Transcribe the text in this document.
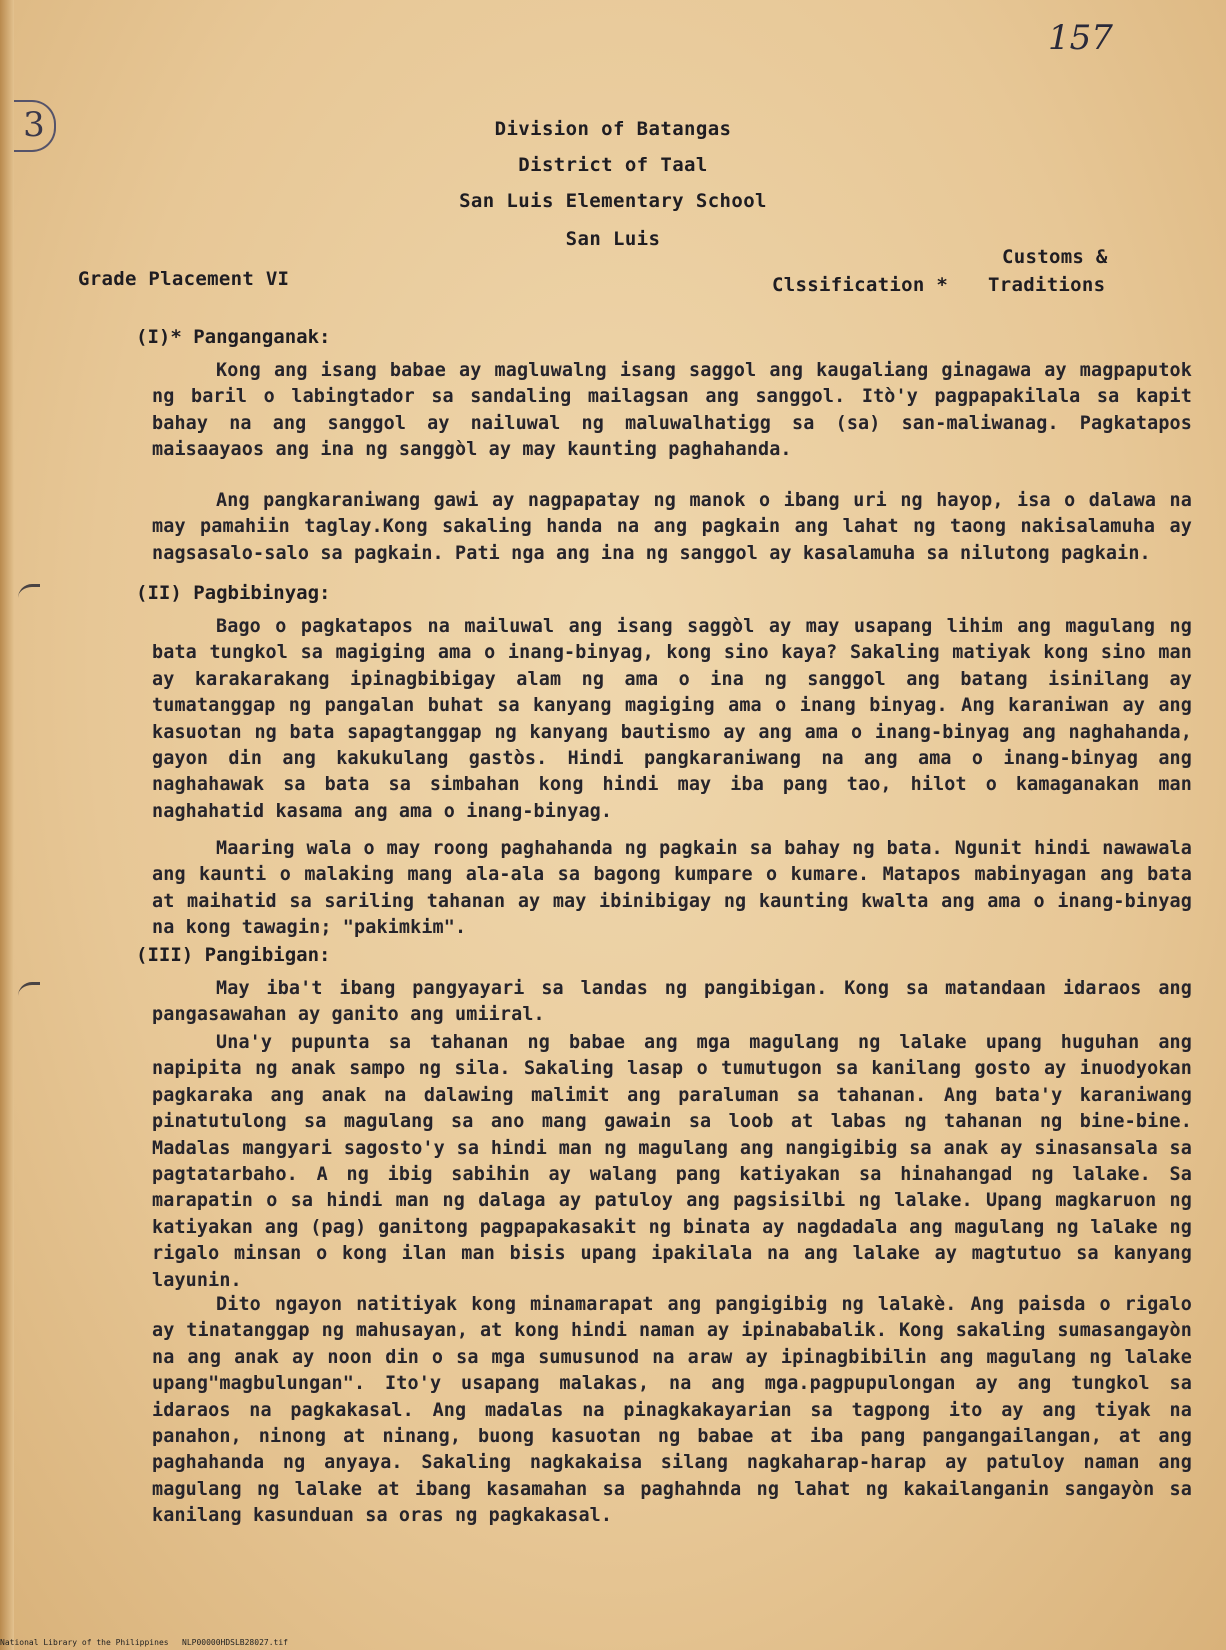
157
3	Division of Batangas
District of Taal
San Luis Elementary School
San Luis
Customs &
Grade Placement VI	Clssification * Traditions
(I)* Panganganak:
Kong ang isang babae ay magluwalng isang saggol ang kaugaliang ginagawa ay magpaputok ng baril o labingtador sa sandaling mailagsan ang sanggol. Itò'y pagpapakilala sa kapit bahay na ang sanggol ay nailuwal ng maluwalhatigg sa (sa) san-maliwanag. Pagkatapos maisaayaos ang ina ng sanggòl ay may kaunting paghahanda.
Ang pangkaraniwang gawi ay nagpapatay ng manok o ibang uri ng hayop, isa o dalawa na may pamahiin taglay.Kong sakaling handa na ang pagkain ang lahat ng taong nakisalamuha ay nagsasalo-salo sa pagkain. Pati nga ang ina ng sanggol ay kasalamuha sa nilutong pagkain.
(II) Pagbibinyag:
Bago o pagkatapos na mailuwal ang isang saggòl ay may usapang lihim ang magulang ng bata tungkol sa magiging ama o inang-binyag, kong sino kaya? Sakaling matiyak kong sino man ay karakarakang ipinagbibigay alam ng ama o ina ng sanggol ang batang isinilang ay tumatanggap ng pangalan buhat sa kanyang magiging ama o inang binyag. Ang karaniwan ay ang kasuotan ng bata sapagtanggap ng kanyang bautismo ay ang ama o inang-binyag ang naghahanda, gayon din ang kakukulang gastòs. Hindi pangkaraniwang na ang ama o inang-binyag ang naghahawak sa bata sa simbahan kong hindi may iba pang tao, hilot o kamaganakan man naghahatid kasama ang ama o inang-binyag.
Maaring wala o may roong paghahanda ng pagkain sa bahay ng bata. Ngunit hindi nawawala ang kaunti o malaking mang ala-ala sa bagong kumpare o kumare. Matapos mabinyagan ang bata at maihatid sa sariling tahanan ay may ibinibigay ng kaunting kwalta ang ama o inang-binyag na kong tawagin; "pakimkim".
(III) Pangibigan:
May iba't ibang pangyayari sa landas ng pangibigan. Kong sa matandaan idaraos ang pangasawahan ay ganito ang umiiral.
Una'y pupunta sa tahanan ng babae ang mga magulang ng lalake upang huguhan ang napipita ng anak sampo ng sila. Sakaling lasap o tumutugon sa kanilang gosto ay inuodyokan pagkaraka ang anak na dalawing malimit ang paraluman sa tahanan. Ang bata'y karaniwang pinatutulong sa magulang sa ano mang gawain sa loob at labas ng tahanan ng bine-bine. Madalas mangyari sagosto'y sa hindi man ng magulang ang nangigibig sa anak ay sinasansala sa pagtatarbaho. A ng ibig sabihin ay walang pang katiyakan sa hinahangad ng lalake. Sa marapatin o sa hindi man ng dalaga ay patuloy ang pagsisilbi ng lalake. Upang magkaruon ng katiyakan ang (pag) ganitong pagpapakasakit ng binata ay nagdadala ang magulang ng lalake ng rigalo minsan o kong ilan man bisis upang ipakilala na ang lalake ay magtutuo sa kanyang layunin.
Dito ngayon natitiyak kong minamarapat ang pangigibig ng lalakè. Ang paisda o rigalo ay tinatanggap ng mahusayan, at kong hindi naman ay ipinababalik. Kong sakaling sumasangayòn na ang anak ay noon din o sa mga sumusunod na araw ay ipinagbibilin ang magulang ng lalake upang"magbulungan". Ito'y usapang malakas, na ang mga.pagpupulongan ay ang tungkol sa idaraos na pagkakasal. Ang madalas na pinagkakayarian sa tagpong ito ay ang tiyak na panahon, ninong at ninang, buong kasuotan ng babae at iba pang pangangailangan, at ang paghahanda ng anyaya. Sakaling nagkakaisa silang nagkaharap-harap ay patuloy naman ang magulang ng lalake at ibang kasamahan sa paghahnda ng lahat ng kakailanganin sangayòn sa kanilang kasunduan sa oras ng pagkakasal.
National Library of the Philippines NLP00000HDSLB28027.tif
